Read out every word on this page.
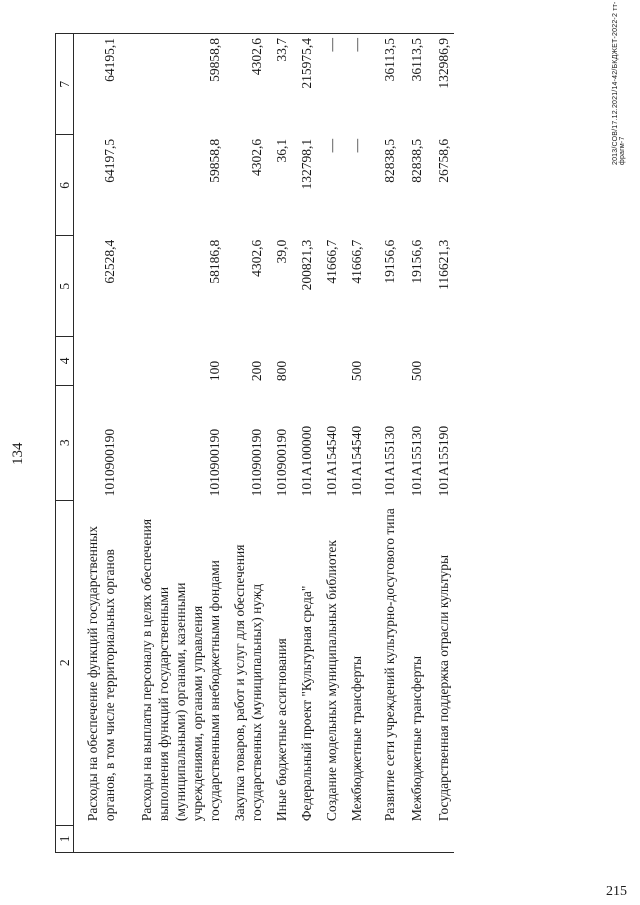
134
1	2	3	4	5	6	7
	Расходы на обеспечение функций государственных органов, в том числе территориальных органов	1010900190		62528,4	64197,5	64195,1
	Расходы на выплаты персоналу в целях обеспечения выполнения функций государственными (муниципальными) органами, казенными учреждениями, органами управления государственными внебюджетными фондами	1010900190	100	58186,8	59858,8	59858,8
	Закупка товаров, работ и услуг для обеспечения государственных (муниципальных) нужд	1010900190	200	4302,6	4302,6	4302,6
	Иные бюджетные ассигнования	1010900190	800	39,0	36,1	33,7
	Федеральный проект "Культурная среда"	101A100000		200821,3	132798,1	215975,4
	Создание модельных муниципальных библиотек	101A154540		41666,7	—	—
	Межбюджетные трансферты	101A154540	500	41666,7	—	—
	Развитие сети учреждений культурно-досугового типа	101A155130		19156,6	82838,5	36113,5
	Межбюджетные трансферты	101A155130	500	19156,6	82838,5	36113,5
	Государственная поддержка отрасли культуры	101A155190		116621,3	26758,6	132986,9	2013/СОВ/17.12.2021/14-42/БКДЖЕТ-2022-2 тт-фрагм-7
215
